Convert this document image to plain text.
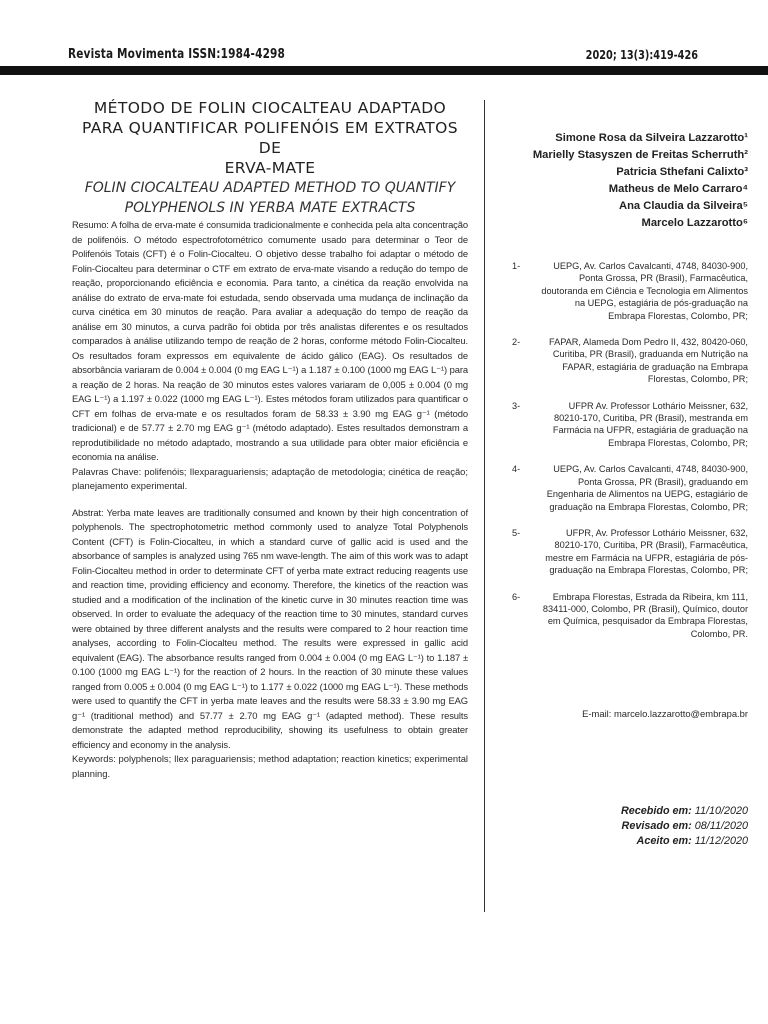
Revista Movimenta ISSN:1984-4298	2020; 13(3):419-426
MÉTODO DE FOLIN CIOCALTEAU ADAPTADO
PARA QUANTIFICAR POLIFENÓIS EM EXTRATOS DE
ERVA-MATE
FOLIN CIOCALTEAU ADAPTED METHOD TO QUANTIFY
POLYPHENOLS IN YERBA MATE EXTRACTS

Resumo: A folha de erva-mate é consumida tradicionalmente e conhecida pela alta concentração de polifenóis. O método espectrofotométrico comumente usado para determinar o Teor de Polifenóis Totais (CFT) é o Folin-Ciocalteu. O objetivo desse trabalho foi adaptar o método de Folin-Ciocalteu para determinar o CTF em extrato de erva-mate visando a redução do tempo de reação, proporcionando eficiência e economia. Para tanto, a cinética da reação envolvida na análise do extrato de erva-mate foi estudada, sendo observada uma mudança de inclinação da curva cinética em 30 minutos de reação. Para avaliar a adequação do tempo de reação da análise em 30 minutos, a curva padrão foi obtida por três analistas diferentes e os resultados comparados à análise utilizando tempo de reação de 2 horas, conforme método Folin-Ciocalteu. Os resultados foram expressos em equivalente de ácido gálico (EAG). Os resultados de absorbância variaram de 0.004 ± 0.004 (0 mg EAG L⁻¹) a 1.187 ± 0.100 (1000 mg EAG L⁻¹) para a reação de 2 horas. Na reação de 30 minutos estes valores variaram de 0,005 ± 0.004 (0 mg EAG L⁻¹) a 1.197 ± 0.022 (1000 mg EAG L⁻¹). Estes métodos foram utilizados para quantificar o CFT em folhas de erva-mate e os resultados foram de 58.33 ± 3.90 mg EAG g⁻¹ (método tradicional) e de 57.77 ± 2.70 mg EAG g⁻¹ (método adaptado). Estes resultados demonstram a reprodutibilidade no método adaptado, mostrando a sua utilidade para obter maior eficiência e economia na análise.

Palavras Chave: polifenóis; Ilexparaguariensis; adaptação de metodologia; cinética de reação; planejamento experimental.

Abstrat: Yerba mate leaves are traditionally consumed and known by their high concentration of polyphenols. The spectrophotometric method commonly used to analyze Total Polyphenols Content (CFT) is Folin-Ciocalteu, in which a standard curve of gallic acid is used and the absorbance of samples is analyzed using 765 nm wave-length. The aim of this work was to adapt Folin-Ciocalteu method in order to determinate CFT of yerba mate extract reducing reagents use and reaction time, providing efficiency and economy. Therefore, the kinetics of the reaction was studied and a modification of the inclination of the kinetic curve in 30 minutes reaction time was observed. In order to evaluate the adequacy of the reaction time to 30 minutes, standard curves were obtained by three different analysts and the results were compared to 2 hour reaction time analyses, according to Folin-Ciocalteu method. The results were expressed in gallic acid equivalent (EAG). The absorbance results ranged from 0.004 ± 0.004 (0 mg EAG L⁻¹) to 1.187 ± 0.100 (1000 mg EAG L⁻¹) for the reaction of 2 hours. In the reaction of 30 minute these values ranged from 0.005 ± 0.004 (0 mg EAG L⁻¹) to 1.177 ± 0.022 (1000 mg EAG L⁻¹). These methods were used to quantify the CFT in yerba mate leaves and the results were 58.33 ± 3.90 mg EAG g⁻¹ (traditional method) and 57.77 ± 2.70 mg EAG g⁻¹ (adapted method). These results demonstrate the adapted method reproducibility, showing its usefulness to obtain greater efficiency and economy in the analysis.

Keywords: polyphenols; Ilex paraguariensis; method adaptation; reaction kinetics; experimental planning.

Simone Rosa da Silveira Lazzarotto¹
Marielly Stasyszen de Freitas Scherruth²
Patricia Sthefani Calixto³
Matheus de Melo Carraro⁴
Ana Claudia da Silveira⁵
Marcelo Lazzarotto⁶
1-	UEPG, Av. Carlos Cavalcanti, 4748, 84030-900, Ponta Grossa, PR (Brasil), Farmacêutica, doutoranda em Ciência e Tecnologia em Alimentos na UEPG, estagiária de pós-graduação na Embrapa Florestas, Colombo, PR;
2-	FAPAR, Alameda Dom Pedro II, 432, 80420-060, Curitiba, PR (Brasil), graduanda em Nutrição na FAPAR, estagiária de graduação na Embrapa Florestas, Colombo, PR;
3-	UFPR Av. Professor Lothário Meissner, 632, 80210-170, Curitiba, PR (Brasil), mestranda em Farmácia na UFPR, estagiária de graduação na Embrapa Florestas, Colombo, PR;
4-	UEPG, Av. Carlos Cavalcanti, 4748, 84030-900, Ponta Grossa, PR (Brasil), graduando em Engenharia de Alimentos na UEPG, estagiário de graduação na Embrapa Florestas, Colombo, PR;
5-	UFPR, Av. Professor Lothário Meissner, 632, 80210-170, Curitiba, PR (Brasil), Farmacêutica, mestre em Farmácia na UFPR, estagiária de pós-graduação na Embrapa Florestas, Colombo, PR;
6-	Embrapa Florestas, Estrada da Ribeira, km 111, 83411-000, Colombo, PR (Brasil), Químico, doutor em Química, pesquisador da Embrapa Florestas, Colombo, PR.
E-mail: marcelo.lazzarotto@embrapa.br
Recebido em: 11/10/2020
Revisado em: 08/11/2020
Aceito em: 11/12/2020
